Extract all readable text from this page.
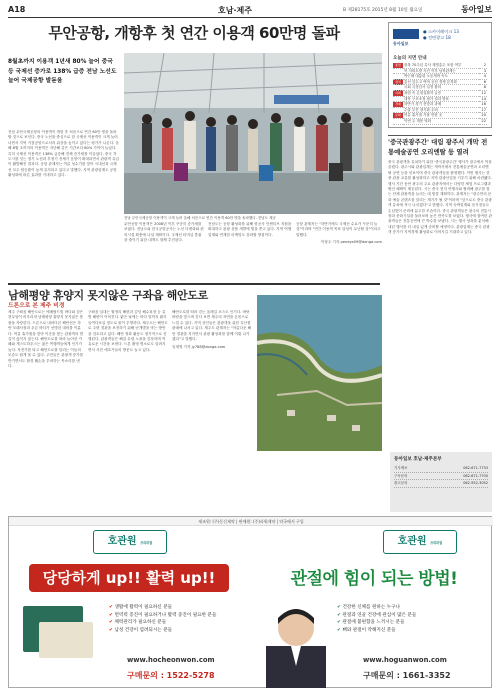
A18	호남·제주	B 제28175호 2015년 8월 10일 월요일	동아일보
무안공항, 개항후 첫 연간 이용객 60만명 돌파
8월초까지 이용객 1년새 80% 늘어 중국 등 국제선 증가로 138% 급증 전남 노선도 늘어 국제공항 발돋움
전남 무안국제공항의 이용객이 개항 후 처음으로 연간 60만 명을 돌파할 것으로 보인다. 중국 노선을 중심으로 한 국제선 이용객이 크게 늘어나면서 지역 거점공항으로서의 위상을 높이고 있다는 평가가 나온다. 올해 8월 초까지의 이용객은 지난해 같은 기간보다 80% 가까이 늘었다. 특히 국제선 이용객은 138% 급증해 전체 증가세를 이끌었다. 중국 각 도시를 잇는 정기 노선과 부정기 전세기 운항이 확대되면서 관광객 유입이 활발해진 결과다. 공항 관계자는 여름 성수기를 맞아 국내선과 국제선 모두 탑승률이 높게 유지되고 있다고 말했다. 지역 관광업계도 공항 활성화에 따른 효과를 기대하고 있다.
전남 무안국제공항 이용객이 크게 늘어 올해 처음으로 연간 이용객 60만 명을 돌파했다. 전남도 제공
무안공항 이용객은 2008년 이후 꾸준히 증가세를 보였다. 전남도와 한국공항공사는 노선 다변화와 편의시설 확충에 나설 계획이다. 국제선 터미널 혼잡을 줄이기 위한 대책도 함께 추진된다.
전남도는 공항 활성화를 위해 항공사 인센티브 지원을 확대하고 관광 상품 개발에 힘을 쏟고 있다. 지역 여행업계와 연계한 마케팅도 강화할 방침이다.
공항 관계자는 "하반기에도 국제선 수요가 꾸준히 늘 것"이라며 "연간 이용객 목표 달성이 무난할 것"이라고 말했다.
이형주 기자 peneye09@donga.com
동아일보
● 스카이레이크 13
● 전면광고 18
오늘의 지면 안내
종합	광복 70주년 특사 재벌총수 포함 여부	2
	북 지뢰도발 사건 이후 남북관계는	3
	박근혜 대통령 노동개혁 속도	4
정치	총선 앞두고 여야 공천 경쟁 본격화	6
	국회 국정감사 일정 합의	8
사회	폭염 속 온열질환자 급증	12
	대학 구조조정 평가 결과 발표	14
경제	하반기 경기 전망과 과제	16
	수출 부진 장기화 우려	17
문화	여름 휴가철 가볼 만한 곳	20
	이번 주 개봉 영화	22
'중국관광주간' 대림 광주서 개막 전통예술공연 오리엔탈 등 열려
중국 관광객을 유치하기 위한 '중국관광주간' 행사가 광주에서 막을 올렸다. 광주시와 관광업계는 개막식에서 전통예술공연과 오리엔탈 공연 등을 선보이며 중국 관광객들을 환영했다. 이번 행사는 한중 관광 교류를 활성화하고 지역 관광산업을 키우기 위해 마련됐다. 행사 기간 동안 광주의 주요 관광지에서는 다양한 체험 프로그램과 할인 혜택이 제공된다. 시는 중국 현지 여행사와 협력해 광주를 찾는 단체 관광객을 늘리는 데 힘쓸 계획이다. 관계자는 "광주만의 문화 예술 콘텐츠를 알리는 계기가 될 것"이라며 "앞으로도 중국 관광객 유치에 적극 나서겠다"고 밝혔다. 지역 숙박업계와 음식점들도 손님맞이 준비에 분주한 모습이다. 중국 관광객들은 광주의 전통시장과 문화시설을 둘러보며 높은 만족도를 보였다. 행사에 참여한 관광객들은 전통공연에 큰 박수를 보냈다. 시는 행사 성과를 분석해 내년 행사를 더 내실 있게 준비할 예정이다. 관광업계는 중국 관광객 증가가 지역경제 활성화로 이어지길 기대하고 있다.
남해평양 휴양지 못지않은 구좌읍 해안도로
드론으로 본 제주 비경
제주 구좌읍 해안도로는 에메랄드빛 바다와 검은 현무암이 어우러져 남태평양 휴양지 못지않은 풍광을 자랑한다. 드론으로 내려다본 해안선은 하얀 모래사장과 푸른 바다가 선명한 대비를 이룬다. 여름 휴가철을 맞아 이곳을 찾는 관광객의 발길이 끊이지 않는다. 해안도로를 따라 늘어선 카페와 게스트하우스는 젊은 여행객들에게 인기가 높다. 자전거를 타고 해안도로를 달리는 이들의 모습도 쉽게 볼 수 있다. 주민들은 관광객 증가를 반기면서도 환경 훼손을 우려하는 목소리를 낸다.
구좌읍 일대는 월정리 해변과 김녕 해수욕장 등 유명 해변이 이어진다. 맑은 날에는 바다 밑까지 훤히 들여다보일 정도로 물이 투명하다. 제주도는 해안도로 주변 경관을 보전하기 위해 난개발을 막는 방안을 검토하고 있다. 해안 정화 활동도 정기적으로 진행된다. 관광객들은 해질 무렵 노을을 감상하며 여유로운 시간을 보낸다. 드론 촬영 명소로도 알려지면서 사진 애호가들의 방문도 늘고 있다.
해안도로를 따라 걷는 올레길 코스도 인기다. 바닷바람을 맞으며 걷다 보면 제주의 자연을 온몸으로 느낄 수 있다. 지역 상인들은 관광객을 위한 특산품 판매에 나서고 있다. 제주도 관계자는 "아름다운 해안 경관을 지키면서 관광 활성화를 함께 이뤄 나가겠다"고 말했다.
임재영 기자 jy788@donga.com
동아일보 호남·제주본부
기사제보	062-671-7733
구독문의	062-671-7700
광고문의	062-952-3052
제조원: (주)동신제약 | 판매원: (주)파워제약 | 약국에서 구입
호관원 프리미엄
당당하게 up!! 활력 up!!
✔ 생활에 활력이 필요하신 분들
✔ 면역력 증진이 필요하거나 활력 증진이 필요한 분들
✔ 체력관리가 필요하신 분들
✔ 남성 건강이 염려되시는 분들
www.hocheonwon.com
구매문의 : 1522-5278
호관원 프리미엄
관절에 힘이 되는 방법!
✔ 건강한 신체를 원하는 누구나
✔ 관절과 연골 건강에 관심이 많은 분들
✔ 관절에 불편함을 느끼시는 분들
✔ 뼈와 관절이 약해지신 분들
www.hoguanwon.com
구매문의 : 1661-3352
